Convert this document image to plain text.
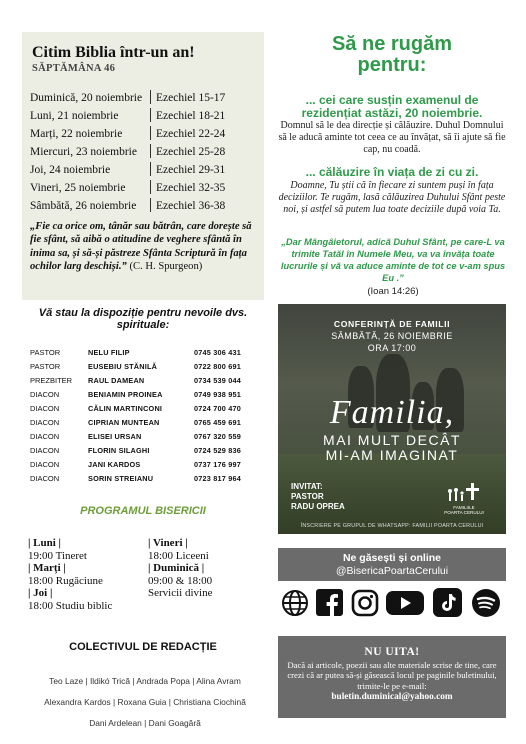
Citim Biblia într-un an!
SĂPTĂMÂNA 46
Duminică, 20 noiembrie	Ezechiel 15-17
Luni, 21 noiembrie	Ezechiel 18-21
Marți, 22 noiembrie	Ezechiel 22-24
Miercuri, 23 noiembrie	Ezechiel 25-28
Joi, 24 noiembrie	Ezechiel 29-31
Vineri, 25 noiembrie	Ezechiel 32-35
Sâmbătă, 26 noiembrie	Ezechiel 36-38
„Fie ca orice om, tânăr sau bătrân, care dorește să fie sfânt, să aibă o atitudine de veghere sfântă în inima sa, și să-și păstreze Sfânta Scriptură în fața ochilor larg deschiși.” (C. H. Spurgeon)
Să ne rugăm
pentru:
... cei care susțin examenul de rezidențiat astăzi, 20 noiembrie.
Domnul să le dea direcție și călăuzire. Duhul Domnului să le aducă aminte tot ceea ce au învățat, să îi ajute să fie cap, nu coadă.
... călăuzire în viața de zi cu zi.
Doamne, Tu știi că în fiecare zi suntem puși în fața deciziilor. Te rugăm, lasă călăuzirea Duhului Sfânt peste noi, și astfel să putem lua toate deciziile după voia Ta.
„Dar Mângâietorul, adică Duhul Sfânt, pe care-L va trimite Tatăl în Numele Meu, va va învăța toate lucrurile și vă va aduce aminte de tot ce v-am spus Eu .”
(Ioan 14:26)
Vă stau la dispoziție pentru nevoile dvs. spirituale:
PASTOR	NELU FILIP	0745 306 431
PASTOR	EUSEBIU STĂNILĂ	0722 800 691
PREZBITER	RAUL DAMEAN	0734 539 044
DIACON	BENIAMIN PROINEA	0749 938 951
DIACON	CĂLIN MARTINCONI	0724 700 470
DIACON	CIPRIAN MUNTEAN	0765 459 691
DIACON	ELISEI URSAN	0767 320 559
DIACON	FLORIN SILAGHI	0724 529 836
DIACON	JANI KARDOS	0737 176 997
DIACON	SORIN STREIANU	0723 817 964
PROGRAMUL BISERICII
| Luni |
19:00 Tineret
| Marți |
18:00 Rugăciune
| Joi |
18:00 Studiu biblic
| Vineri |
18:00 Liceeni
| Duminică |
09:00 & 18:00
Servicii divine
COLECTIVUL DE REDACȚIE
Teo Laze | Ildikó Trică | Andrada Popa | Alina Avram
Alexandra Kardos | Roxana Guia | Christiana Ciochină
Dani Ardelean | Dani Goagără
CONFERINȚĂ DE FAMILII
SÂMBĂTĂ, 26 NOIEMBRIE
ORA 17:00
Familia,
MAI MULT DECÂT
MI-AM IMAGINAT
INVITAT:
PASTOR
RADU OPREA	FAMILIILE
POARTA CERULUI
ÎNSCRIERE PE GRUPUL DE WHATSAPP: FAMILII POARTA CERULUI
Ne găsești și online
@BisericaPoartaCerului
NU UITA!
Dacă ai articole, poezii sau alte materiale scrise de tine, care crezi că ar putea să-și găsească locul pe paginile buletinului, trimite-le pe e-mail:
buletin.duminical@yahoo.com
